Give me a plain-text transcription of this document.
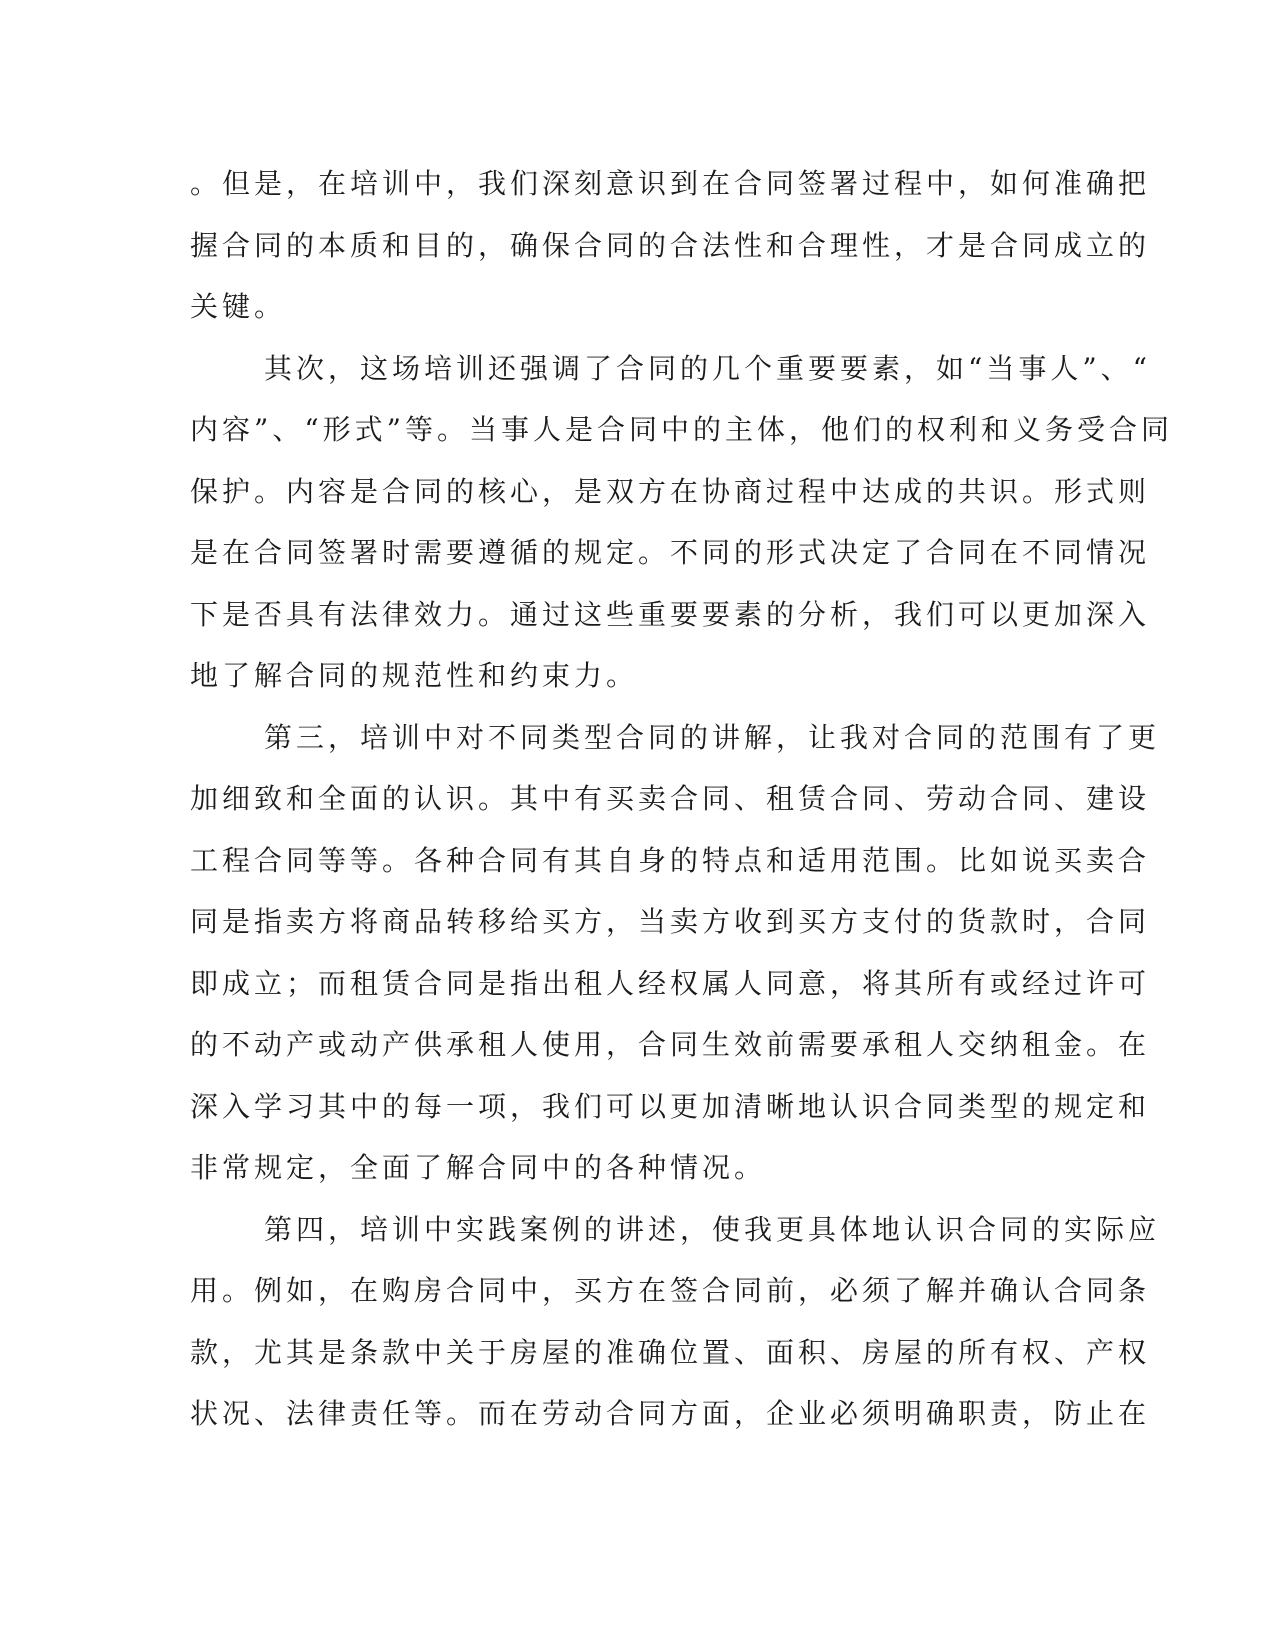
。但是，在培训中，我们深刻意识到在合同签署过程中，如何准确把
握合同的本质和目的，确保合同的合法性和合理性，才是合同成立的
关键。
其次，这场培训还强调了合同的几个重要要素，如“当事人”、“
内容”、“形式”等。当事人是合同中的主体，他们的权利和义务受合同
保护。内容是合同的核心，是双方在协商过程中达成的共识。形式则
是在合同签署时需要遵循的规定。不同的形式决定了合同在不同情况
下是否具有法律效力。通过这些重要要素的分析，我们可以更加深入
地了解合同的规范性和约束力。
第三，培训中对不同类型合同的讲解，让我对合同的范围有了更
加细致和全面的认识。其中有买卖合同、租赁合同、劳动合同、建设
工程合同等等。各种合同有其自身的特点和适用范围。比如说买卖合
同是指卖方将商品转移给买方，当卖方收到买方支付的货款时，合同
即成立；而租赁合同是指出租人经权属人同意，将其所有或经过许可
的不动产或动产供承租人使用，合同生效前需要承租人交纳租金。在
深入学习其中的每一项，我们可以更加清晰地认识合同类型的规定和
非常规定，全面了解合同中的各种情况。
第四，培训中实践案例的讲述，使我更具体地认识合同的实际应
用。例如，在购房合同中，买方在签合同前，必须了解并确认合同条
款，尤其是条款中关于房屋的准确位置、面积、房屋的所有权、产权
状况、法律责任等。而在劳动合同方面，企业必须明确职责，防止在
